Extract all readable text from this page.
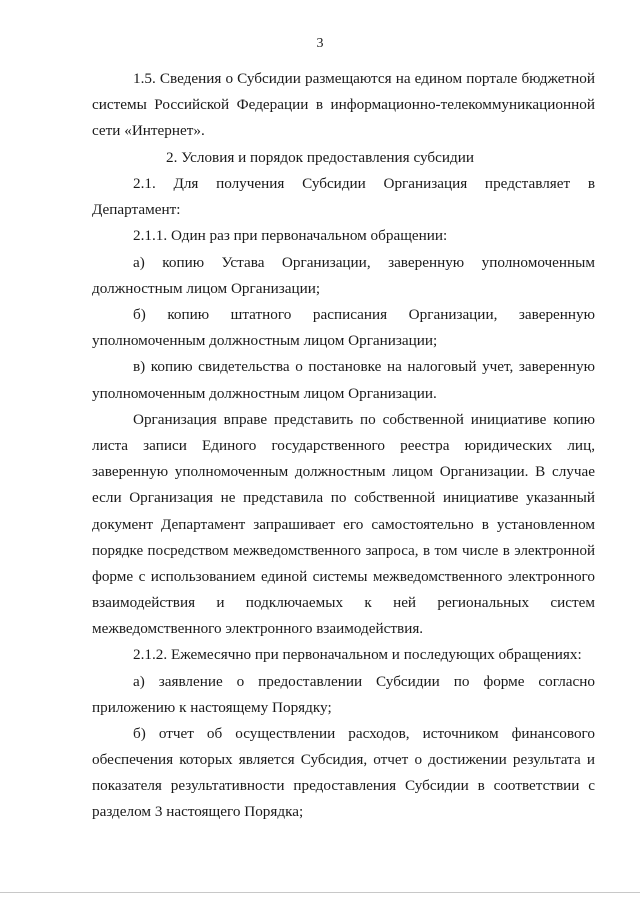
3
1.5. Сведения о Субсидии размещаются на едином портале бюджетной
системы Российской Федерации в информационно-телекоммуникационной
сети «Интернет».
2. Условия и порядок предоставления субсидии
2.1. Для получения Субсидии Организация представляет в
Департамент:
2.1.1. Один раз при первоначальном обращении:
а) копию Устава Организации, заверенную уполномоченным
должностным лицом Организации;
б) копию штатного расписания Организации, заверенную
уполномоченным должностным лицом Организации;
в) копию свидетельства о постановке на налоговый учет, заверенную
уполномоченным должностным лицом Организации.
Организация вправе представить по собственной инициативе копию
листа записи Единого государственного реестра юридических лиц,
заверенную уполномоченным должностным лицом Организации. В случае
если Организация не представила по собственной инициативе указанный
документ Департамент запрашивает его самостоятельно в установленном
порядке посредством межведомственного запроса, в том числе в электронной
форме с использованием единой системы межведомственного электронного
взаимодействия и подключаемых к ней региональных систем
межведомственного электронного взаимодействия.
2.1.2. Ежемесячно при первоначальном и последующих обращениях:
а) заявление о предоставлении Субсидии по форме согласно
приложению к настоящему Порядку;
б) отчет об осуществлении расходов, источником финансового
обеспечения которых является Субсидия, отчет о достижении результата и
показателя результативности предоставления Субсидии в соответствии с
разделом 3 настоящего Порядка;
